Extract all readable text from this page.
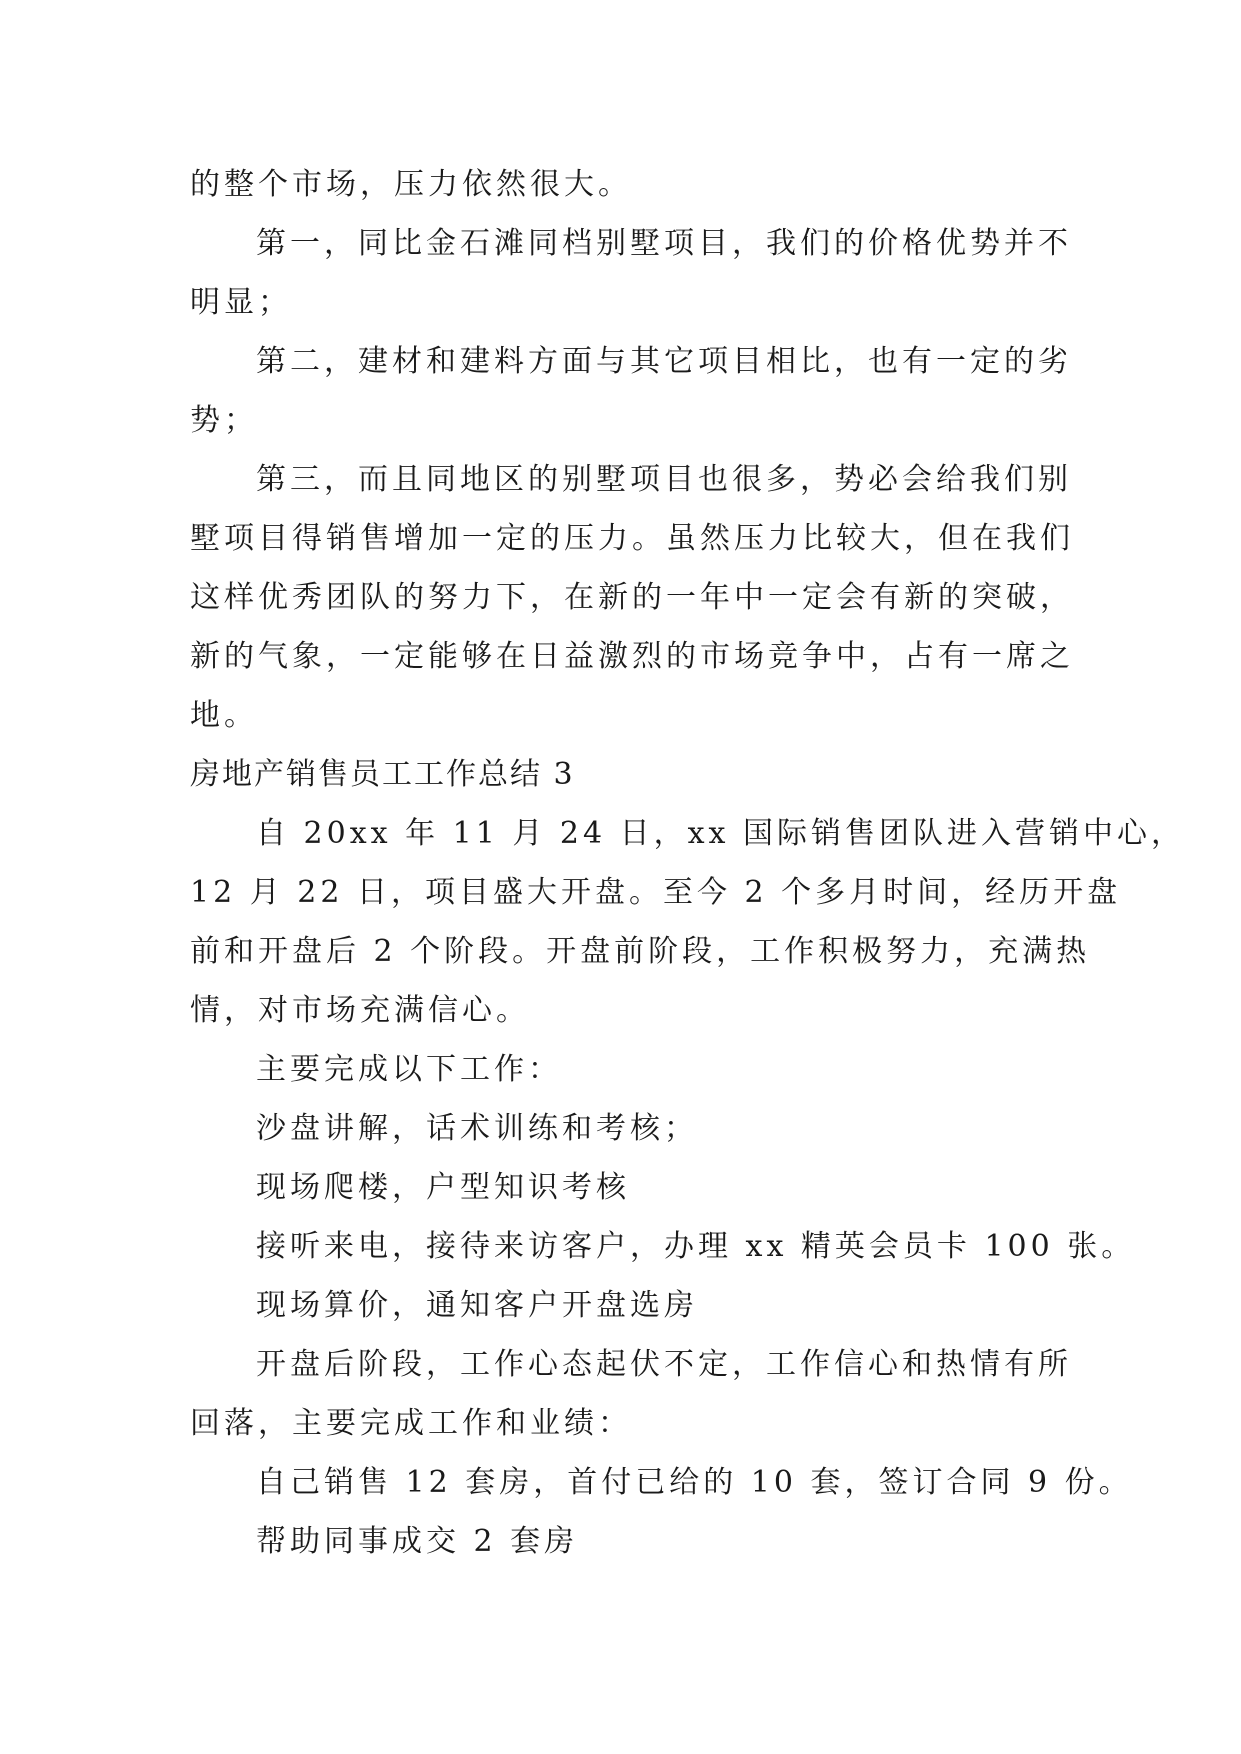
的整个市场，压力依然很大。

第一，同比金石滩同档别墅项目，我们的价格优势并不

明显；

第二，建材和建料方面与其它项目相比，也有一定的劣

势；

第三，而且同地区的别墅项目也很多，势必会给我们别

墅项目得销售增加一定的压力。虽然压力比较大，但在我们

这样优秀团队的努力下，在新的一年中一定会有新的突破，

新的气象，一定能够在日益激烈的市场竞争中，占有一席之

地。

房地产销售员工工作总结 3

自 20xx 年 11 月 24 日，xx 国际销售团队进入营销中心，

12 月 22 日，项目盛大开盘。至今 2 个多月时间，经历开盘

前和开盘后 2 个阶段。开盘前阶段，工作积极努力，充满热

情，对市场充满信心。

主要完成以下工作：

沙盘讲解，话术训练和考核；

现场爬楼，户型知识考核

接听来电，接待来访客户，办理 xx 精英会员卡 100 张。

现场算价，通知客户开盘选房

开盘后阶段，工作心态起伏不定，工作信心和热情有所

回落，主要完成工作和业绩：

自己销售 12 套房，首付已给的 10 套，签订合同 9 份。

帮助同事成交 2 套房
